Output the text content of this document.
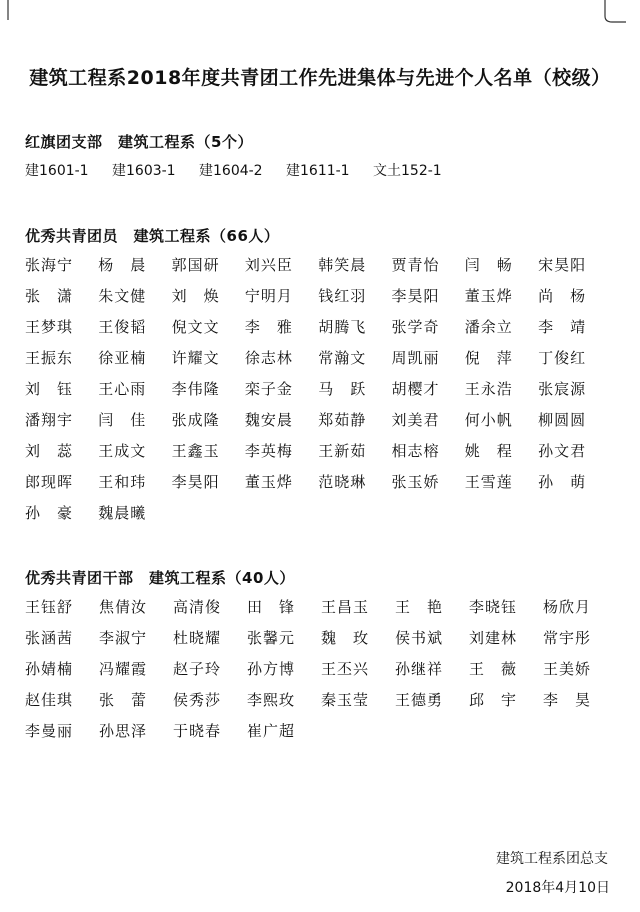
建筑工程系2018年度共青团工作先进集体与先进个人名单（校级）
红旗团支部　建筑工程系（5个）
建1601-1	建1603-1	建1604-2	建1611-1	文土152-1
优秀共青团员　建筑工程系（66人）
张海宁	杨　晨	郭国研	刘兴臣	韩笑晨	贾青怡	闫　畅	宋昊阳
张　潇	朱文健	刘　焕	宁明月	钱红羽	李昊阳	董玉烨	尚　杨
王梦琪	王俊韬	倪文文	李　雅	胡腾飞	张学奇	潘余立	李　靖
王振东	徐亚楠	许耀文	徐志林	常瀚文	周凯丽	倪　萍	丁俊红
刘　钰	王心雨	李伟隆	栾子金	马　跃	胡樱才	王永浩	张宸源
潘翔宇	闫　佳	张成隆	魏安晨	郑茹静	刘美君	何小帆	柳圆圆
刘　蕊	王成文	王鑫玉	李英梅	王新茹	相志榕	姚　程	孙文君
郎现晖	王和玮	李昊阳	董玉烨	范晓琳	张玉娇	王雪莲	孙　萌
孙　豪	魏晨曦
优秀共青团干部　建筑工程系（40人）
王钰舒	焦倩汝	高清俊	田　锋	王昌玉	王　艳	李晓钰	杨欣月
张涵茜	李淑宁	杜晓耀	张馨元	魏　玫	侯书斌	刘建林	常宇彤
孙婧楠	冯耀霞	赵子玲	孙方博	王丕兴	孙继祥	王　薇	王美娇
赵佳琪	张　蕾	侯秀莎	李熙玫	秦玉莹	王德勇	邱　宇	李　昊
李曼丽	孙思泽	于晓春	崔广超
建筑工程系团总支
2018年4月10日
